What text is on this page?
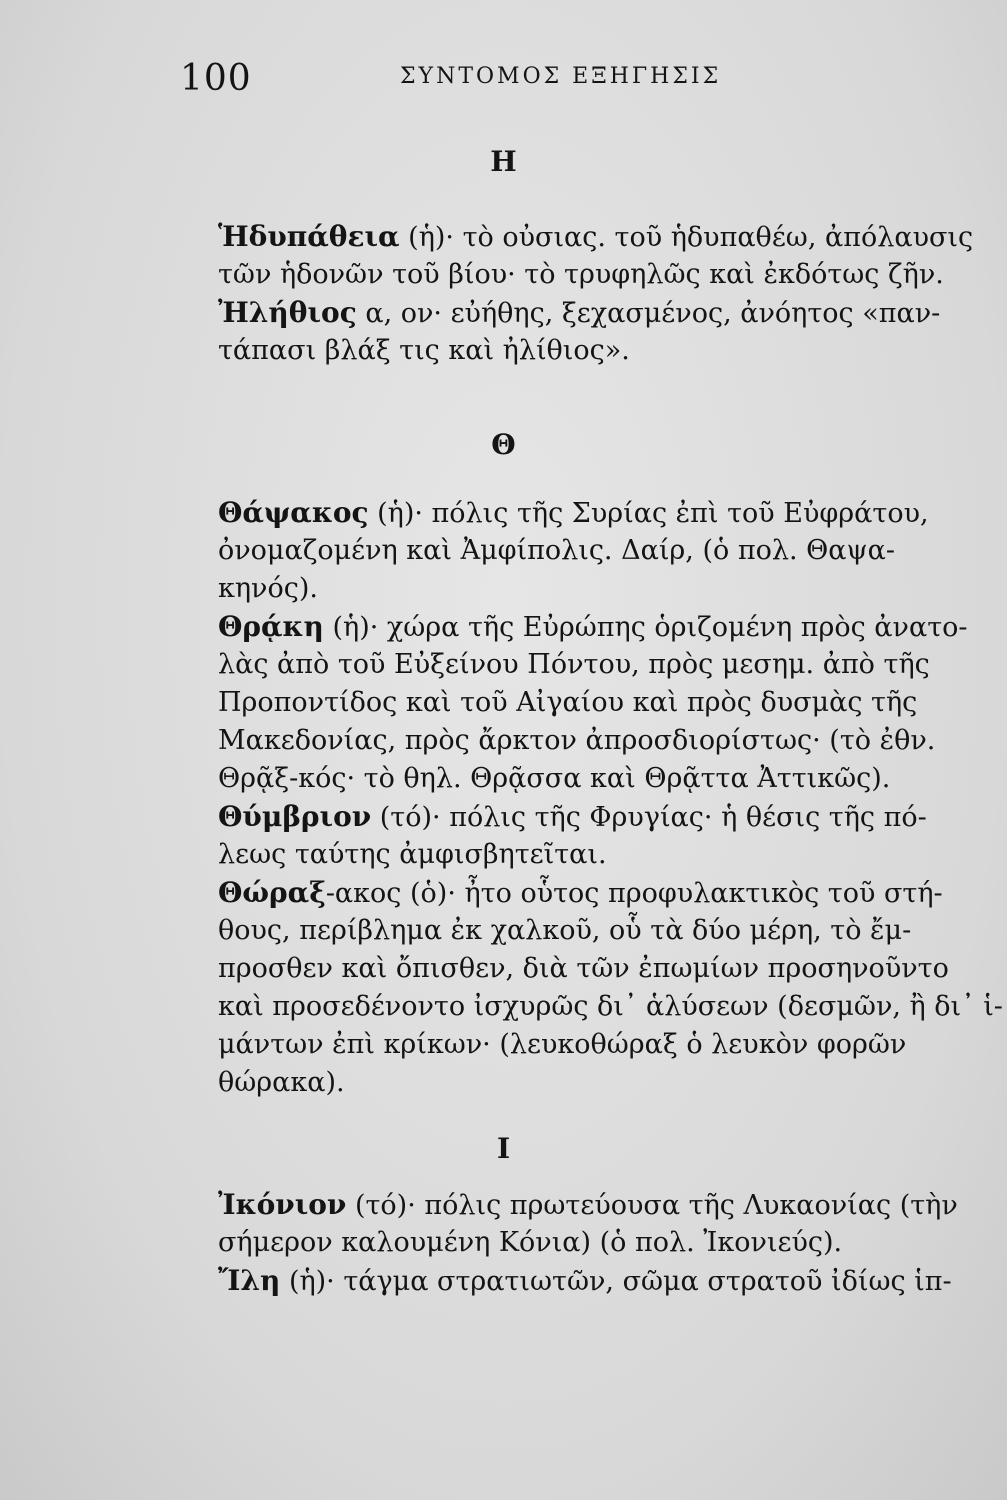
100	ΣΥΝΤΟΜΟΣ ΕΞΗΓΗΣΙΣ
Η
Ἡδυπάθεια (ἡ)· τὸ οὐσιας. τοῦ ἡδυπαθέω, ἀπόλαυσις
τῶν ἡδονῶν τοῦ βίου· τὸ τρυφηλῶς καὶ ἐκδότως ζῆν.
Ἠλήθιος α, ον· εὐήθης, ξεχασμένος, ἀνόητος «παν-
τάπασι βλάξ τις καὶ ἠλίθιος».
Θ
Θάψακος (ἡ)· πόλις τῆς Συρίας ἐπὶ τοῦ Εὐφράτου,
ὀνομαζομένη καὶ Ἀμφίπολις. Δαίρ, (ὁ πολ. Θαψα-
κηνός).
Θρᾴκη (ἡ)· χώρα τῆς Εὐρώπης ὁριζομένη πρὸς ἀνατο-
λὰς ἀπὸ τοῦ Εὐξείνου Πόντου, πρὸς μεσημ. ἀπὸ τῆς
Προποντίδος καὶ τοῦ Αἰγαίου καὶ πρὸς δυσμὰς τῆς
Μακεδονίας, πρὸς ἄρκτον ἀπροσδιορίστως· (τὸ ἐθν.
Θρᾷξ-κός· τὸ θηλ. Θρᾷσσα καὶ Θρᾷττα Ἀττικῶς).
Θύμβριον (τό)· πόλις τῆς Φρυγίας· ἡ θέσις τῆς πό-
λεως ταύτης ἀμφισβητεῖται.
Θώραξ-ακος (ὁ)· ἦτο οὗτος προφυλακτικὸς τοῦ στή-
θους, περίβλημα ἐκ χαλκοῦ, οὗ τὰ δύο μέρη, τὸ ἔμ-
προσθεν καὶ ὄπισθεν, διὰ τῶν ἐπωμίων προσηνοῦντο
καὶ προσεδένοντο ἰσχυρῶς δι᾽ ἁλύσεων (δεσμῶν, ἢ δι᾽ ἱ-
μάντων ἐπὶ κρίκων· (λευκοθώραξ ὁ λευκὸν φορῶν
θώρακα).
Ι
Ἰκόνιον (τό)· πόλις πρωτεύουσα τῆς Λυκαονίας (τὴν
σήμερον καλουμένη Κόνια) (ὁ πολ. Ἰκονιεύς).
Ἴλη (ἡ)· τάγμα στρατιωτῶν, σῶμα στρατοῦ ἰδίως ἱπ-
